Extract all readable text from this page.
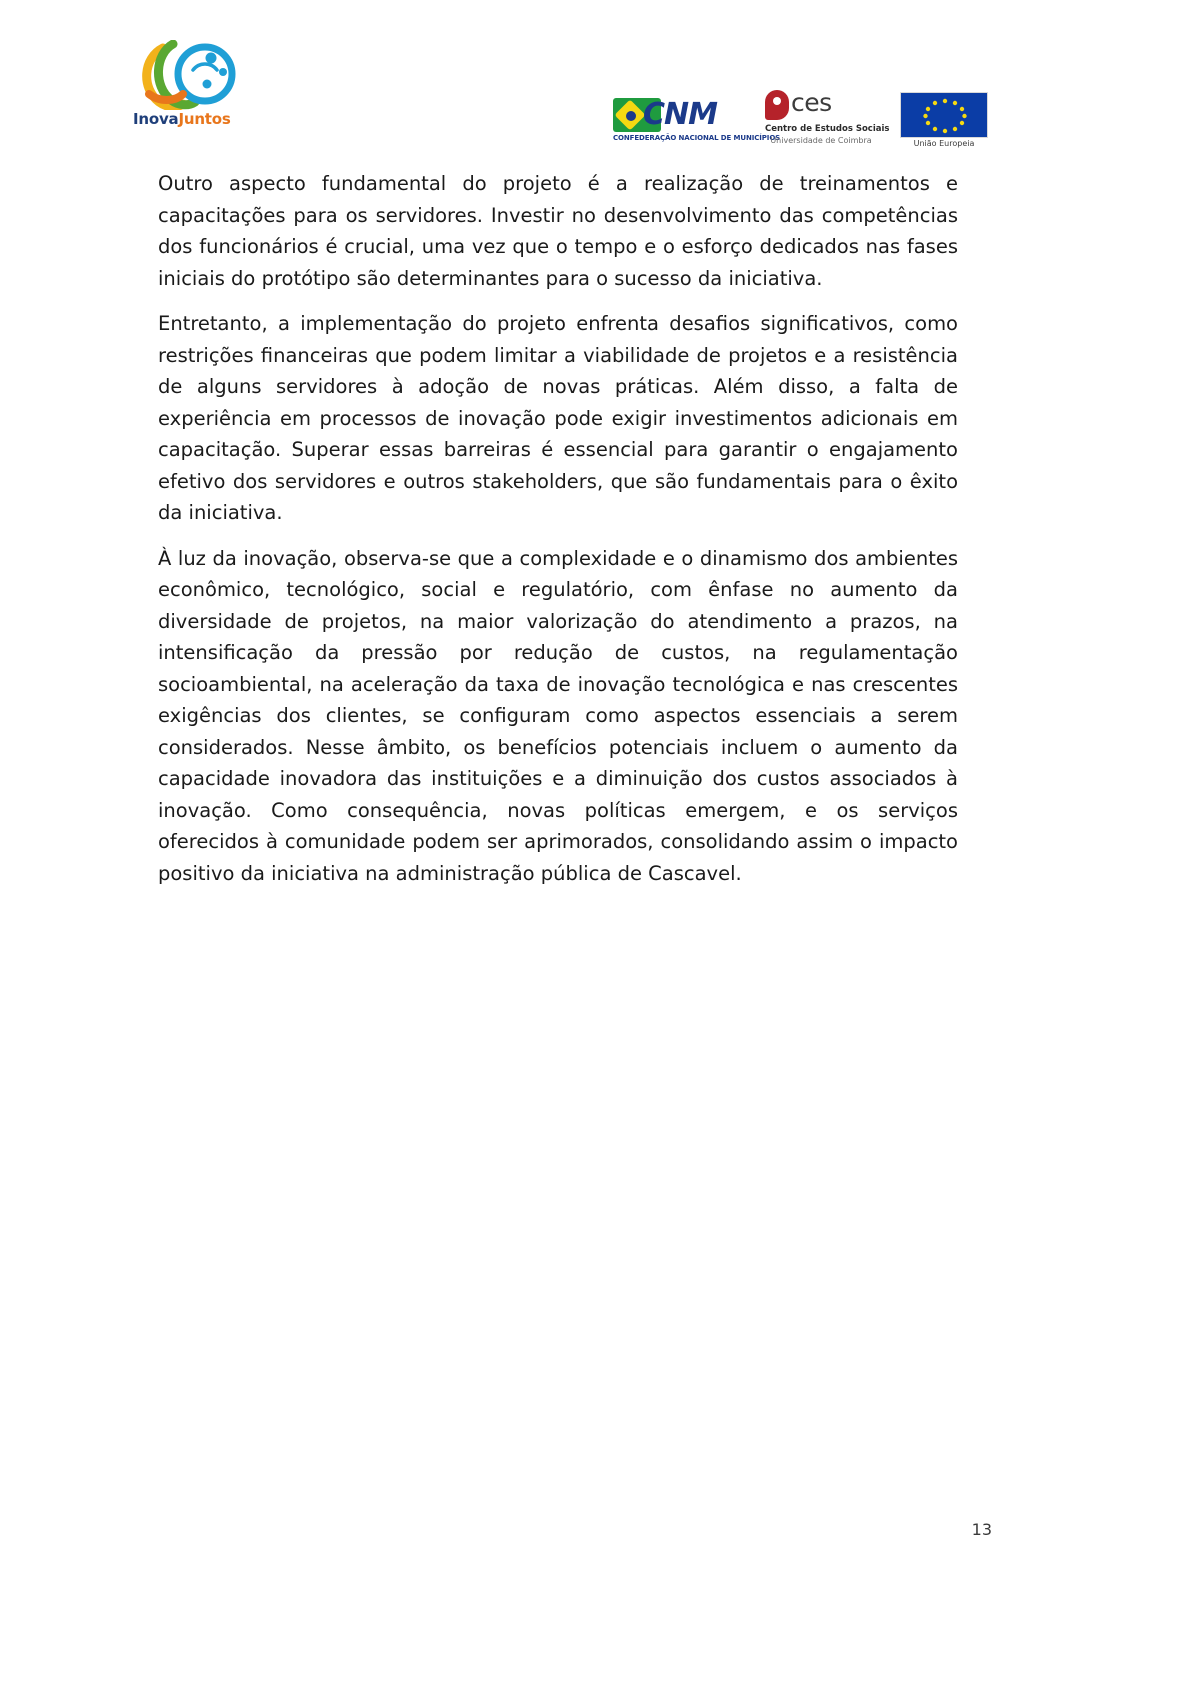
InovaJuntos	CNM
CONFEDERAÇÃO NACIONAL DE MUNICÍPIOS
ces
Centro de Estudos Sociais
Universidade de Coimbra	União Europeia

Outro aspecto fundamental do projeto é a realização de treinamentos e capacitações para os servidores. Investir no desenvolvimento das competências dos funcionários é crucial, uma vez que o tempo e o esforço dedicados nas fases iniciais do protótipo são determinantes para o sucesso da iniciativa.

Entretanto, a implementação do projeto enfrenta desafios significativos, como restrições financeiras que podem limitar a viabilidade de projetos e a resistência de alguns servidores à adoção de novas práticas. Além disso, a falta de experiência em processos de inovação pode exigir investimentos adicionais em capacitação. Superar essas barreiras é essencial para garantir o engajamento efetivo dos servidores e outros stakeholders, que são fundamentais para o êxito da iniciativa.

À luz da inovação, observa-se que a complexidade e o dinamismo dos ambientes econômico, tecnológico, social e regulatório, com ênfase no aumento da diversidade de projetos, na maior valorização do atendimento a prazos, na intensificação da pressão por redução de custos, na regulamentação socioambiental, na aceleração da taxa de inovação tecnológica e nas crescentes exigências dos clientes, se configuram como aspectos essenciais a serem considerados. Nesse âmbito, os benefícios potenciais incluem o aumento da capacidade inovadora das instituições e a diminuição dos custos associados à inovação. Como consequência, novas políticas emergem, e os serviços oferecidos à comunidade podem ser aprimorados, consolidando assim o impacto positivo da iniciativa na administração pública de Cascavel.

13
